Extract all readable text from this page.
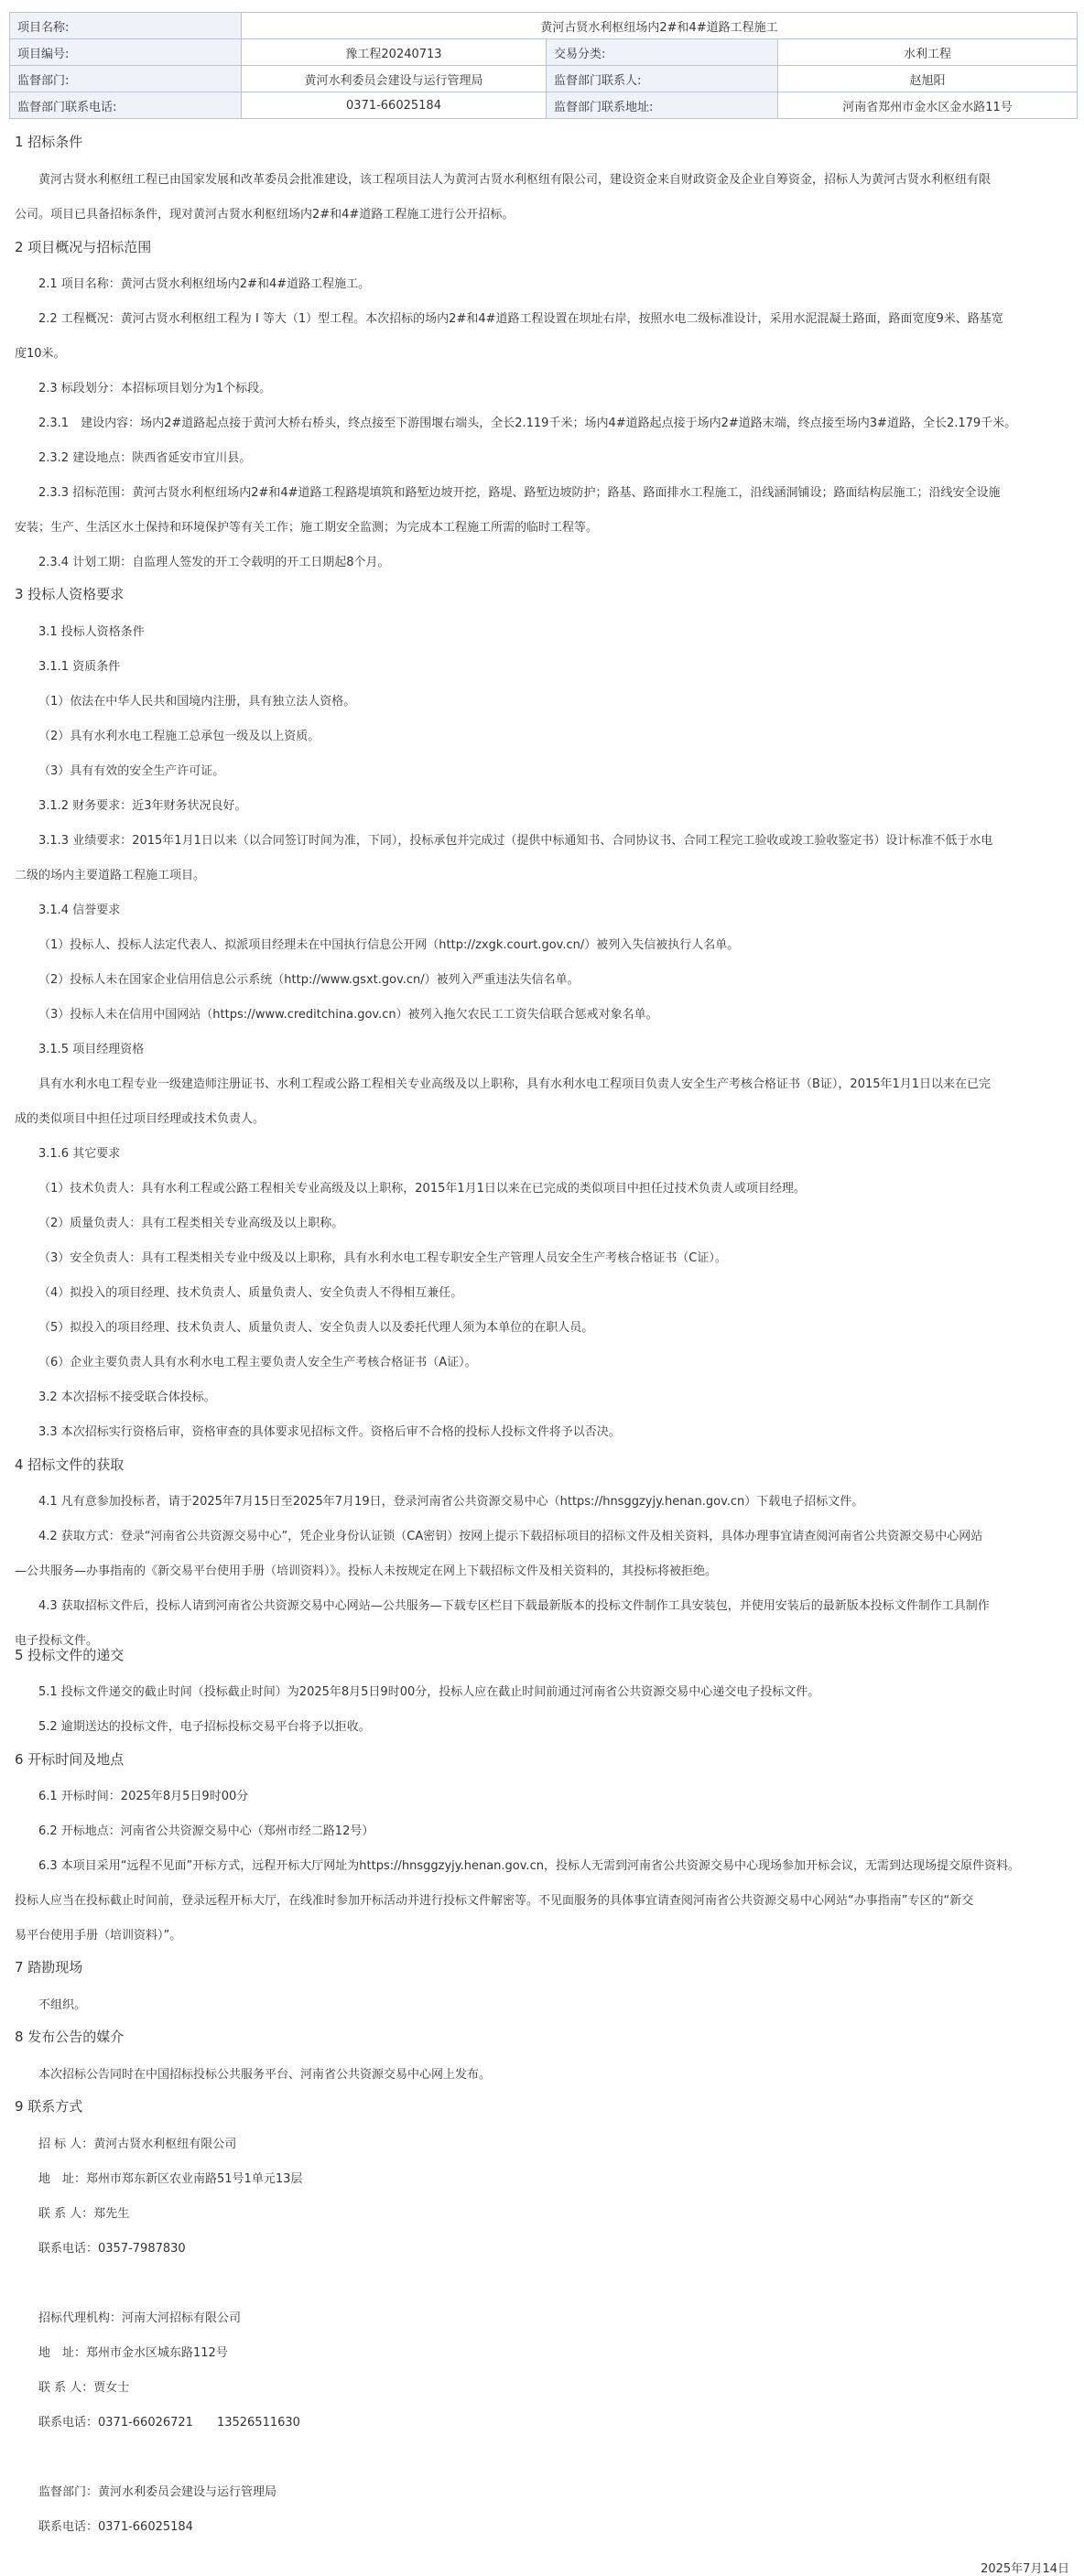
项目名称:	黄河古贤水利枢纽场内2#和4#道路工程施工		
项目编号:	豫工程20240713	交易分类:	水利工程
监督部门:	黄河水利委员会建设与运行管理局	监督部门联系人:	赵旭阳
监督部门联系电话:	0371-66025184	监督部门联系地址:	河南省郑州市金水区金水路11号
1 招标条件
黄河古贤水利枢纽工程已由国家发展和改革委员会批准建设，该工程项目法人为黄河古贤水利枢纽有限公司，建设资金来自财政资金及企业自筹资金，招标人为黄河古贤水利枢纽有限
公司。项目已具备招标条件，现对黄河古贤水利枢纽场内2#和4#道路工程施工进行公开招标。
2 项目概况与招标范围
2.1 项目名称：黄河古贤水利枢纽场内2#和4#道路工程施工。
2.2 工程概况：黄河古贤水利枢纽工程为 I 等大（1）型工程。本次招标的场内2#和4#道路工程设置在坝址右岸，按照水电二级标准设计，采用水泥混凝土路面，路面宽度9米、路基宽
度10米。
2.3 标段划分：本招标项目划分为1个标段。
2.3.1　建设内容：场内2#道路起点接于黄河大桥右桥头，终点接至下游围堰右端头，全长2.119千米；场内4#道路起点接于场内2#道路末端，终点接至场内3#道路，全长2.179千米。
2.3.2 建设地点：陕西省延安市宜川县。
2.3.3 招标范围：黄河古贤水利枢纽场内2#和4#道路工程路堤填筑和路堑边坡开挖，路堤、路堑边坡防护；路基、路面排水工程施工，沿线涵洞铺设；路面结构层施工；沿线安全设施
安装；生产、生活区水土保持和环境保护等有关工作；施工期安全监测；为完成本工程施工所需的临时工程等。
2.3.4 计划工期：自监理人签发的开工令载明的开工日期起8个月。
3 投标人资格要求
3.1 投标人资格条件
3.1.1 资质条件
（1）依法在中华人民共和国境内注册，具有独立法人资格。
（2）具有水利水电工程施工总承包一级及以上资质。
（3）具有有效的安全生产许可证。
3.1.2 财务要求：近3年财务状况良好。
3.1.3 业绩要求：2015年1月1日以来（以合同签订时间为准，下同），投标承包并完成过（提供中标通知书、合同协议书、合同工程完工验收或竣工验收鉴定书）设计标准不低于水电
二级的场内主要道路工程施工项目。
3.1.4 信誉要求
（1）投标人、投标人法定代表人、拟派项目经理未在中国执行信息公开网（http://zxgk.court.gov.cn/）被列入失信被执行人名单。
（2）投标人未在国家企业信用信息公示系统（http://www.gsxt.gov.cn/）被列入严重违法失信名单。
（3）投标人未在信用中国网站（https://www.creditchina.gov.cn）被列入拖欠农民工工资失信联合惩戒对象名单。
3.1.5 项目经理资格
具有水利水电工程专业一级建造师注册证书、水利工程或公路工程相关专业高级及以上职称，具有水利水电工程项目负责人安全生产考核合格证书（B证），2015年1月1日以来在已完
成的类似项目中担任过项目经理或技术负责人。
3.1.6 其它要求
（1）技术负责人：具有水利工程或公路工程相关专业高级及以上职称，2015年1月1日以来在已完成的类似项目中担任过技术负责人或项目经理。
（2）质量负责人：具有工程类相关专业高级及以上职称。
（3）安全负责人：具有工程类相关专业中级及以上职称，具有水利水电工程专职安全生产管理人员安全生产考核合格证书（C证）。
（4）拟投入的项目经理、技术负责人、质量负责人、安全负责人不得相互兼任。
（5）拟投入的项目经理、技术负责人、质量负责人、安全负责人以及委托代理人须为本单位的在职人员。
（6）企业主要负责人具有水利水电工程主要负责人安全生产考核合格证书（A证）。
3.2 本次招标不接受联合体投标。
3.3 本次招标实行资格后审，资格审查的具体要求见招标文件。资格后审不合格的投标人投标文件将予以否决。
4 招标文件的获取
4.1 凡有意参加投标者，请于2025年7月15日至2025年7月19日，登录河南省公共资源交易中心（https://hnsggzyjy.henan.gov.cn）下载电子招标文件。
4.2 获取方式：登录“河南省公共资源交易中心”，凭企业身份认证锁（CA密钥）按网上提示下载招标项目的招标文件及相关资料，具体办理事宜请查阅河南省公共资源交易中心网站
—公共服务—办事指南的《新交易平台使用手册（培训资料）》。投标人未按规定在网上下载招标文件及相关资料的，其投标将被拒绝。
4.3 获取招标文件后，投标人请到河南省公共资源交易中心网站—公共服务—下载专区栏目下载最新版本的投标文件制作工具安装包，并使用安装后的最新版本投标文件制作工具制作
电子投标文件。
5 投标文件的递交
5.1 投标文件递交的截止时间（投标截止时间）为2025年8月5日9时00分，投标人应在截止时间前通过河南省公共资源交易中心递交电子投标文件。
5.2 逾期送达的投标文件，电子招标投标交易平台将予以拒收。
6 开标时间及地点
6.1 开标时间：2025年8月5日9时00分
6.2 开标地点：河南省公共资源交易中心（郑州市经二路12号）
6.3 本项目采用“远程不见面”开标方式，远程开标大厅网址为https://hnsggzyjy.henan.gov.cn，投标人无需到河南省公共资源交易中心现场参加开标会议，无需到达现场提交原件资料。
投标人应当在投标截止时间前，登录远程开标大厅，在线准时参加开标活动并进行投标文件解密等。不见面服务的具体事宜请查阅河南省公共资源交易中心网站“办事指南”专区的“新交
易平台使用手册（培训资料）”。
7 踏勘现场
不组织。
8 发布公告的媒介
本次招标公告同时在中国招标投标公共服务平台、河南省公共资源交易中心网上发布。
9 联系方式
招 标 人：黄河古贤水利枢纽有限公司
地　址：郑州市郑东新区农业南路51号1单元13层
联 系 人：郑先生
联系电话：0357-7987830
招标代理机构：河南大河招标有限公司
地　址：郑州市金水区城东路112号
联 系 人：贾女士
联系电话：0371-66026721　　13526511630
监督部门：黄河水利委员会建设与运行管理局
联系电话：0371-66025184
2025年7月14日
